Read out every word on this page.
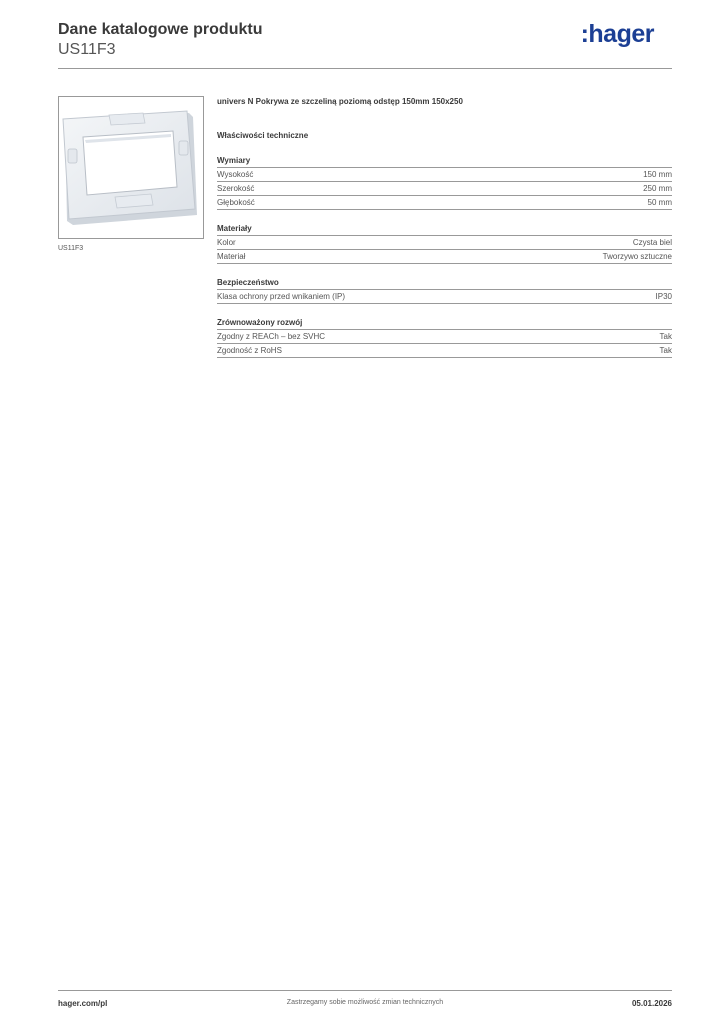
Dane katalogowe produktu
US11F3
:hager
US11F3
univers N Pokrywa ze szczeliną poziomą odstęp 150mm 150x250
Właściwości techniczne
Wymiary
Wysokość	150 mm
Szerokość	250 mm
Głębokość	50 mm
Materiały
Kolor	Czysta biel
Materiał	Tworzywo sztuczne
Bezpieczeństwo
Klasa ochrony przed wnikaniem (IP)	IP30
Zrównoważony rozwój
Zgodny z REACh – bez SVHC	Tak
Zgodność z RoHS	Tak
hager.com/pl	Zastrzegamy sobie możliwość zmian technicznych	05.01.2026
